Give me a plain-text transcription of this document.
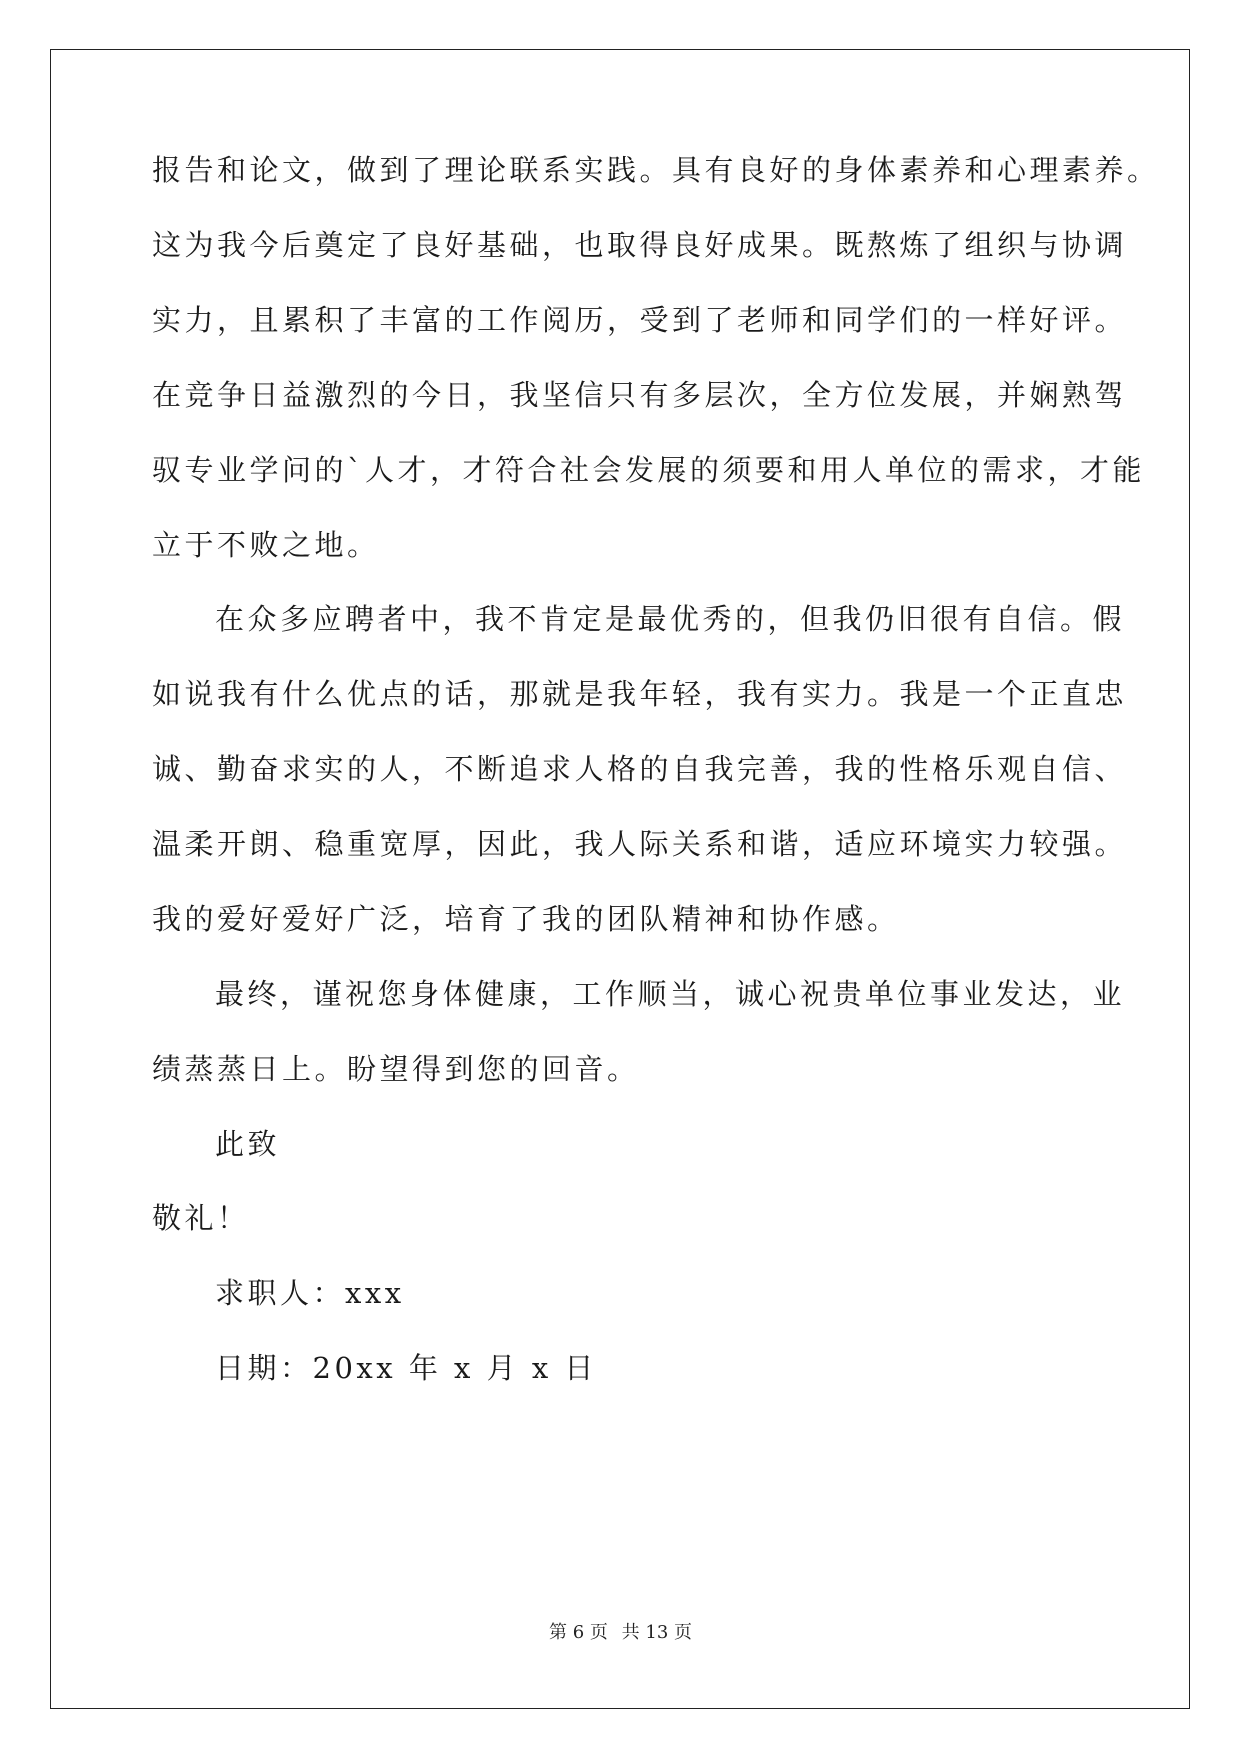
报告和论文，做到了理论联系实践。具有良好的身体素养和心理素养。
这为我今后奠定了良好基础，也取得良好成果。既熬炼了组织与协调
实力，且累积了丰富的工作阅历，受到了老师和同学们的一样好评。
在竞争日益激烈的今日，我坚信只有多层次，全方位发展，并娴熟驾
驭专业学问的`人才，才符合社会发展的须要和用人单位的需求，才能
立于不败之地。
在众多应聘者中，我不肯定是最优秀的，但我仍旧很有自信。假
如说我有什么优点的话，那就是我年轻，我有实力。我是一个正直忠
诚、勤奋求实的人，不断追求人格的自我完善，我的性格乐观自信、
温柔开朗、稳重宽厚，因此，我人际关系和谐，适应环境实力较强。
我的爱好爱好广泛，培育了我的团队精神和协作感。
最终，谨祝您身体健康，工作顺当，诚心祝贵单位事业发达，业
绩蒸蒸日上。盼望得到您的回音。
此致
敬礼！
求职人：xxx
日期：20xx 年 x 月 x 日
第 6 页 共 13 页
